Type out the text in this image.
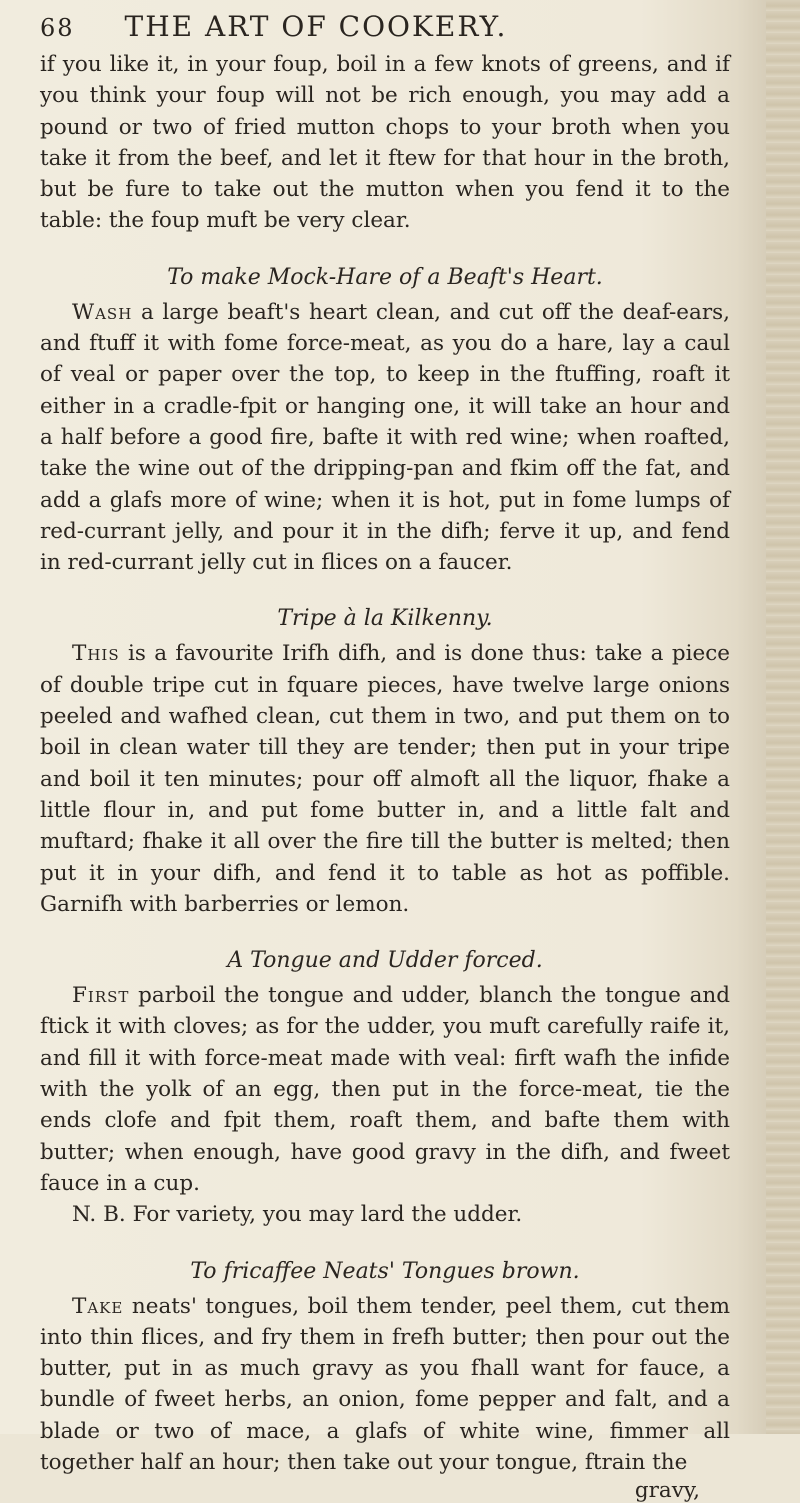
68 THE ART OF COOKERY.

if you like it, in your foup, boil in a few knots of greens, and if you think your foup will not be rich enough, you may add a pound or two of fried mutton chops to your broth when you take it from the beef, and let it ftew for that hour in the broth, but be fure to take out the mutton when you fend it to the table: the foup muft be very clear.

To make Mock-Hare of a Beaft's Heart.

Wash a large beaft's heart clean, and cut off the deaf-ears, and ftuff it with fome force-meat, as you do a hare, lay a caul of veal or paper over the top, to keep in the ftuffing, roaft it either in a cradle-fpit or hanging one, it will take an hour and a half before a good fire, bafte it with red wine; when roafted, take the wine out of the dripping-pan and fkim off the fat, and add a glafs more of wine; when it is hot, put in fome lumps of red-currant jelly, and pour it in the difh; ferve it up, and fend in red-currant jelly cut in flices on a faucer.

Tripe à la Kilkenny.

This is a favourite Irifh difh, and is done thus: take a piece of double tripe cut in fquare pieces, have twelve large onions peeled and wafhed clean, cut them in two, and put them on to boil in clean water till they are tender; then put in your tripe and boil it ten minutes; pour off almoft all the liquor, fhake a little flour in, and put fome butter in, and a little falt and muftard; fhake it all over the fire till the butter is melted; then put it in your difh, and fend it to table as hot as poffible. Garnifh with barberries or lemon.

A Tongue and Udder forced.

First parboil the tongue and udder, blanch the tongue and ftick it with cloves; as for the udder, you muft carefully raife it, and fill it with force-meat made with veal: firft wafh the infide with the yolk of an egg, then put in the force-meat, tie the ends clofe and fpit them, roaft them, and bafte them with butter; when enough, have good gravy in the difh, and fweet fauce in a cup.

N. B. For variety, you may lard the udder.

To fricaffee Neats' Tongues brown.

Take neats' tongues, boil them tender, peel them, cut them into thin flices, and fry them in frefh butter; then pour out the butter, put in as much gravy as you fhall want for fauce, a bundle of fweet herbs, an onion, fome pepper and falt, and a blade or two of mace, a glafs of white wine, fimmer all together half an hour; then take out your tongue, ftrain the

gravy,
